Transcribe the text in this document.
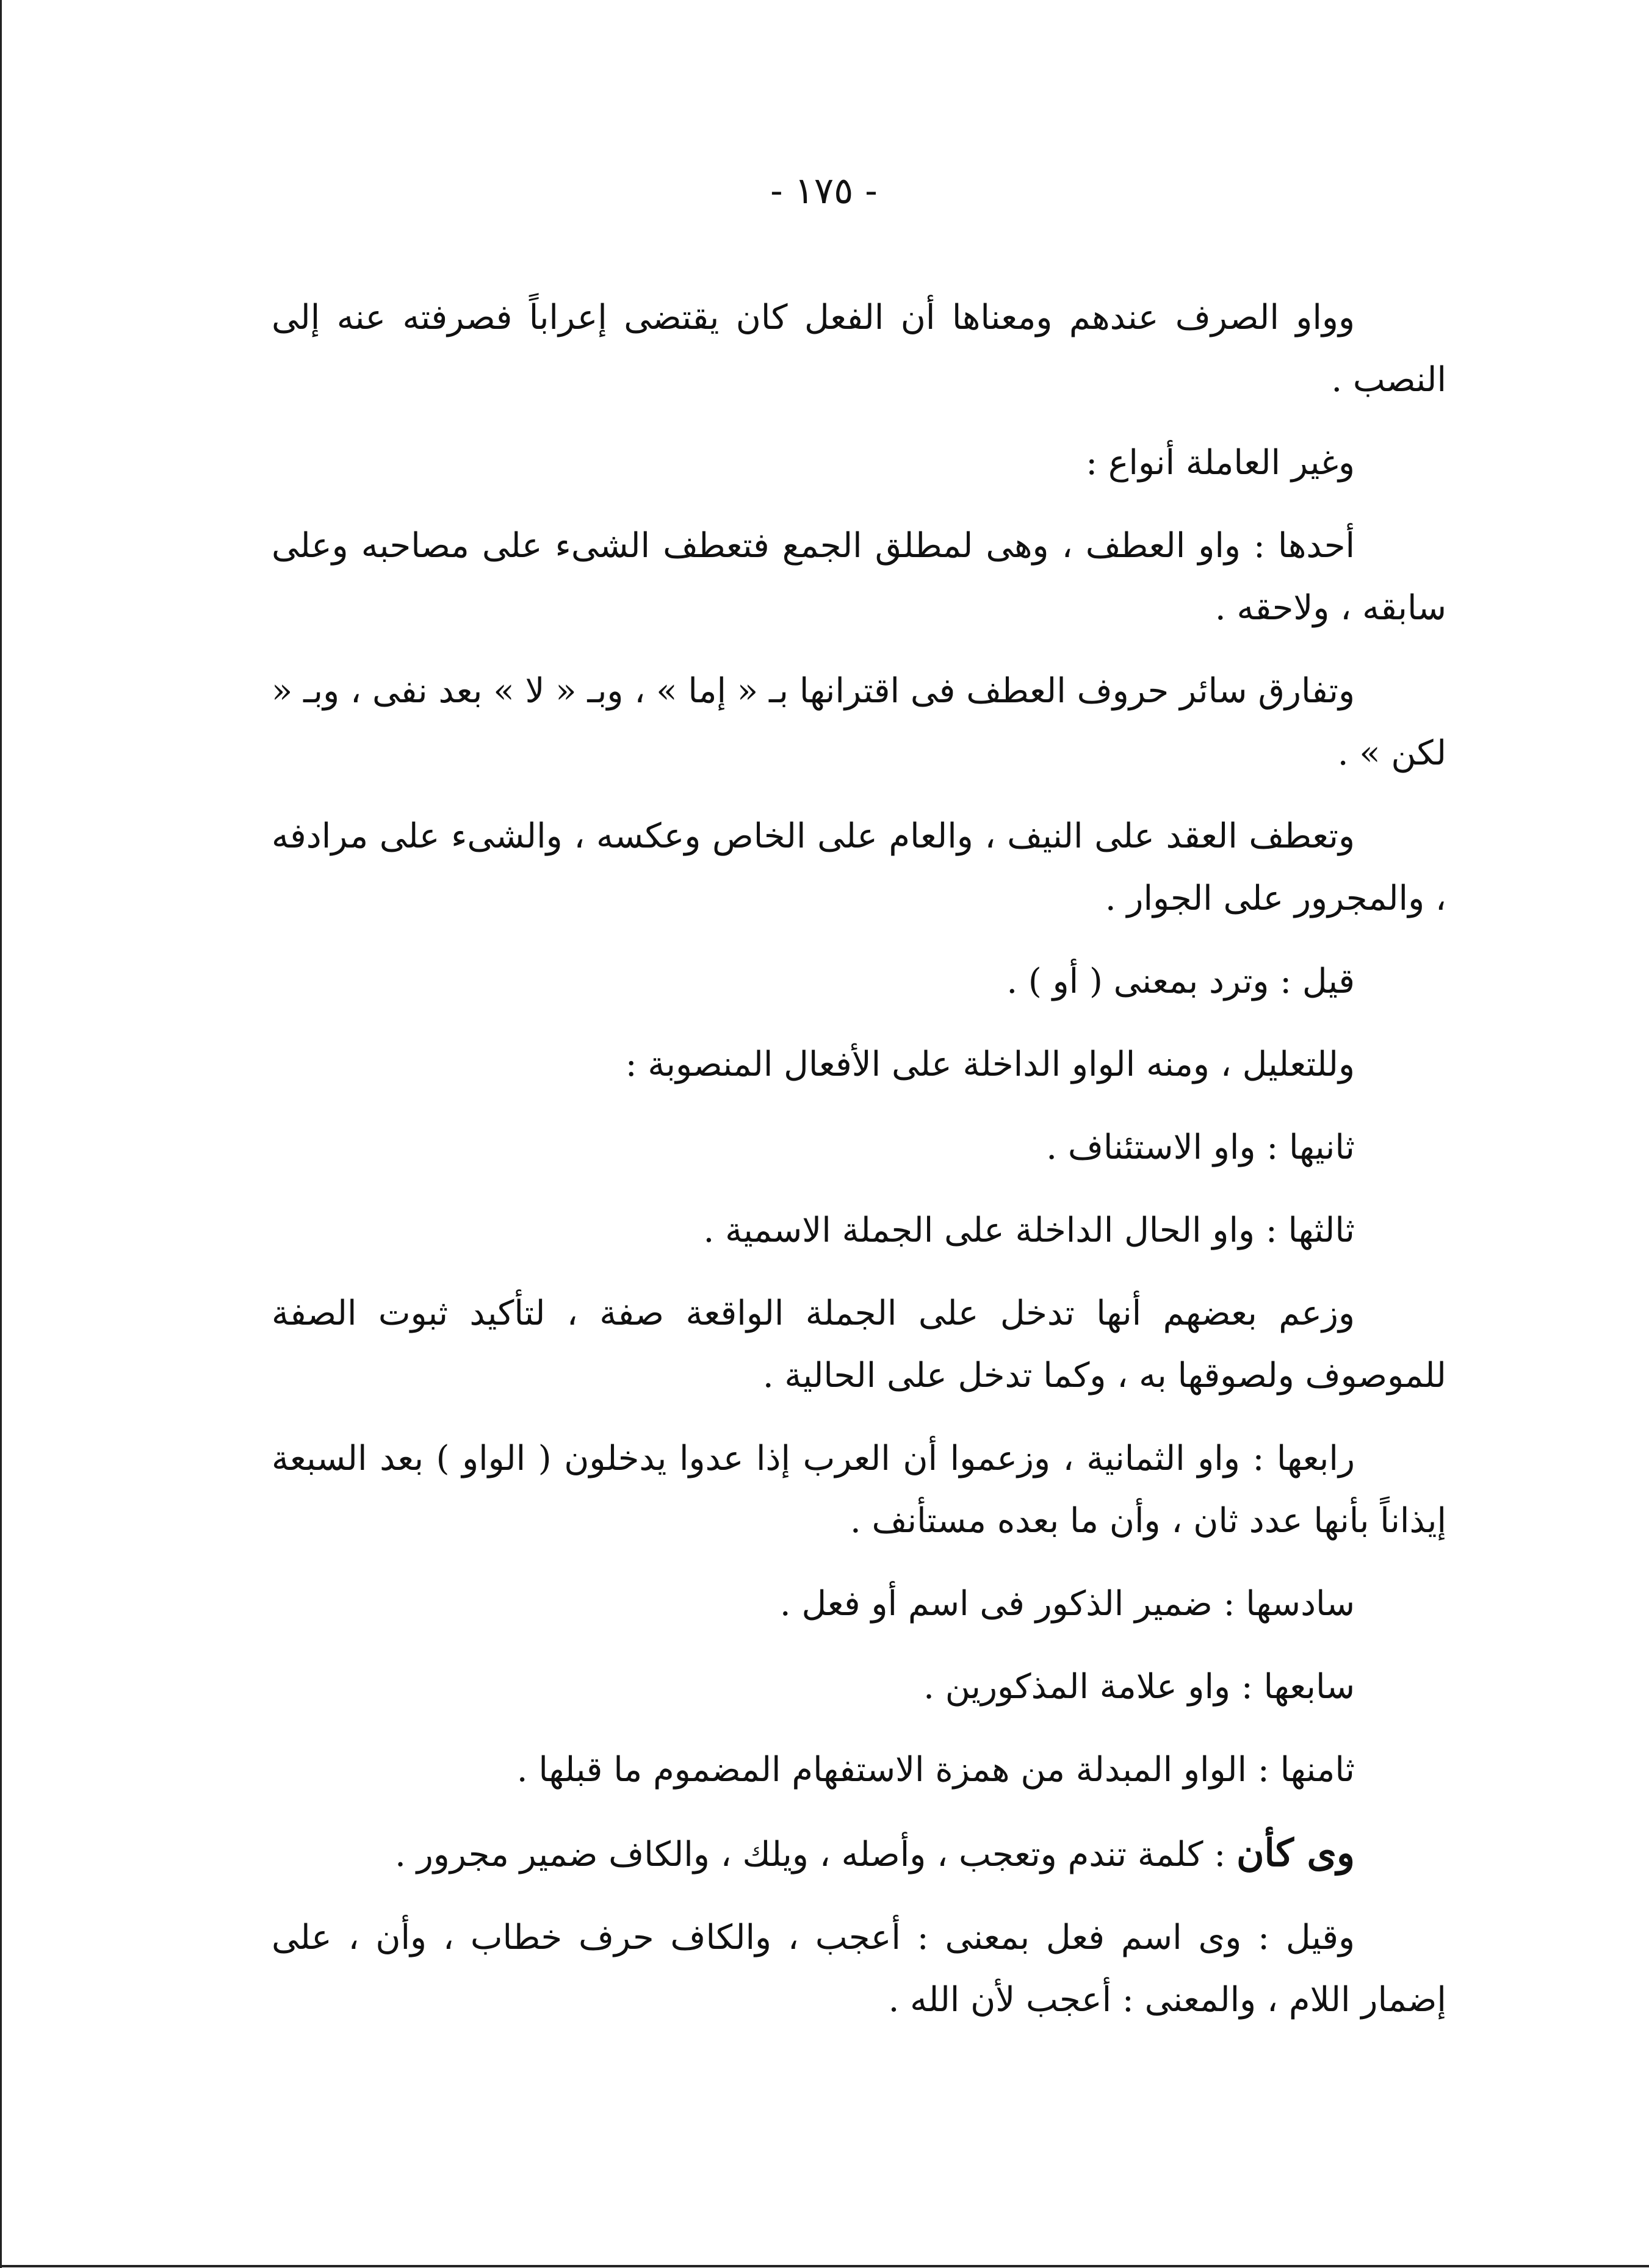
- ١٧٥ -

وواو الصرف عندهم ومعناها أن الفعل كان يقتضى إعراباً فصرفته عنه إلى النصب .

وغير العاملة أنواع :

أحدها : واو العطف ، وهى لمطلق الجمع فتعطف الشىء على مصاحبه وعلى سابقه ، ولاحقه .

وتفارق سائر حروف العطف فى اقترانها بـ « إما » ، وبـ « لا » بعد نفى ، وبـ « لكن » .

وتعطف العقد على النيف ، والعام على الخاص وعكسه ، والشىء على مرادفه ، والمجرور على الجوار .

قيل : وترد بمعنى ( أو ) .

وللتعليل ، ومنه الواو الداخلة على الأفعال المنصوبة :

ثانيها : واو الاستئناف .

ثالثها : واو الحال الداخلة على الجملة الاسمية .

وزعم بعضهم أنها تدخل على الجملة الواقعة صفة ، لتأكيد ثبوت الصفة للموصوف ولصوقها به ، وكما تدخل على الحالية .

رابعها : واو الثمانية ، وزعموا أن العرب إذا عدوا يدخلون ( الواو ) بعد السبعة إيذاناً بأنها عدد ثان ، وأن ما بعده مستأنف .

سادسها : ضمير الذكور فى اسم أو فعل .

سابعها : واو علامة المذكورين .

ثامنها : الواو المبدلة من همزة الاستفهام المضموم ما قبلها .

وى كأن : كلمة تندم وتعجب ، وأصله ، ويلك ، والكاف ضمير مجرور .

وقيل : وى اسم فعل بمعنى : أعجب ، والكاف حرف خطاب ، وأن ، على إضمار اللام ، والمعنى : أعجب لأن الله .
